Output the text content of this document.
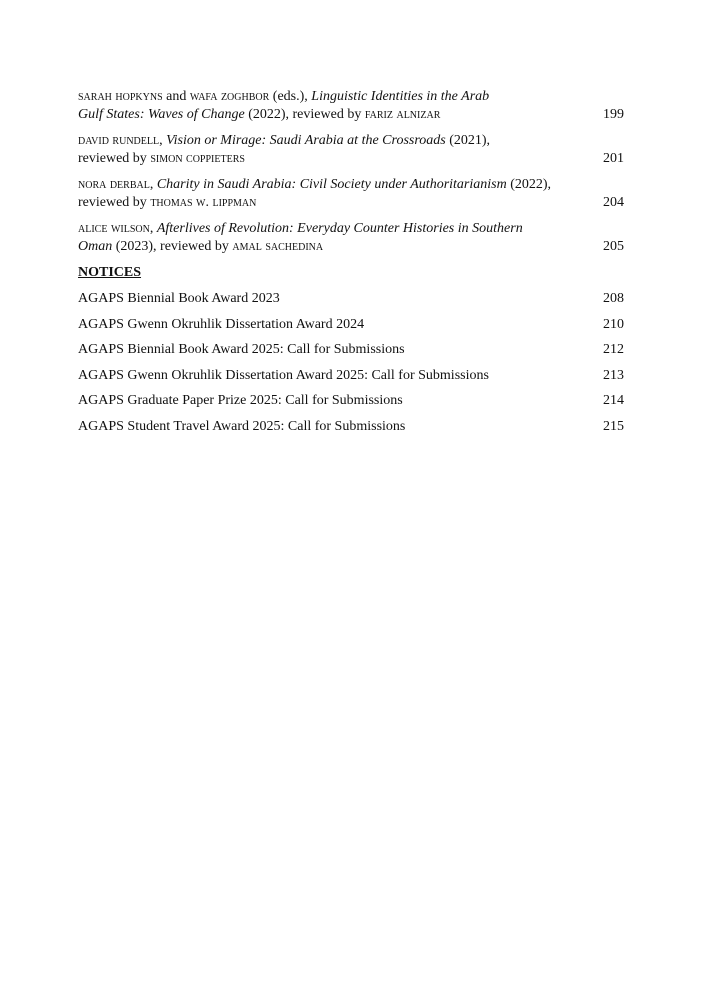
sarah hopkyns and wafa zoghbor (eds.), Linguistic Identities in the Arab
Gulf States: Waves of Change (2022), reviewed by fariz alnizar	199
david rundell, Vision or Mirage: Saudi Arabia at the Crossroads (2021),
reviewed by simon coppieters	201
nora derbal, Charity in Saudi Arabia: Civil Society under Authoritarianism (2022),
reviewed by thomas w. lippman	204
alice wilson, Afterlives of Revolution: Everyday Counter Histories in Southern
Oman (2023), reviewed by amal sachedina	205
NOTICES
AGAPS Biennial Book Award 2023	208
AGAPS Gwenn Okruhlik Dissertation Award 2024	210
AGAPS Biennial Book Award 2025: Call for Submissions	212
AGAPS Gwenn Okruhlik Dissertation Award 2025: Call for Submissions	213
AGAPS Graduate Paper Prize 2025: Call for Submissions	214
AGAPS Student Travel Award 2025: Call for Submissions	215
